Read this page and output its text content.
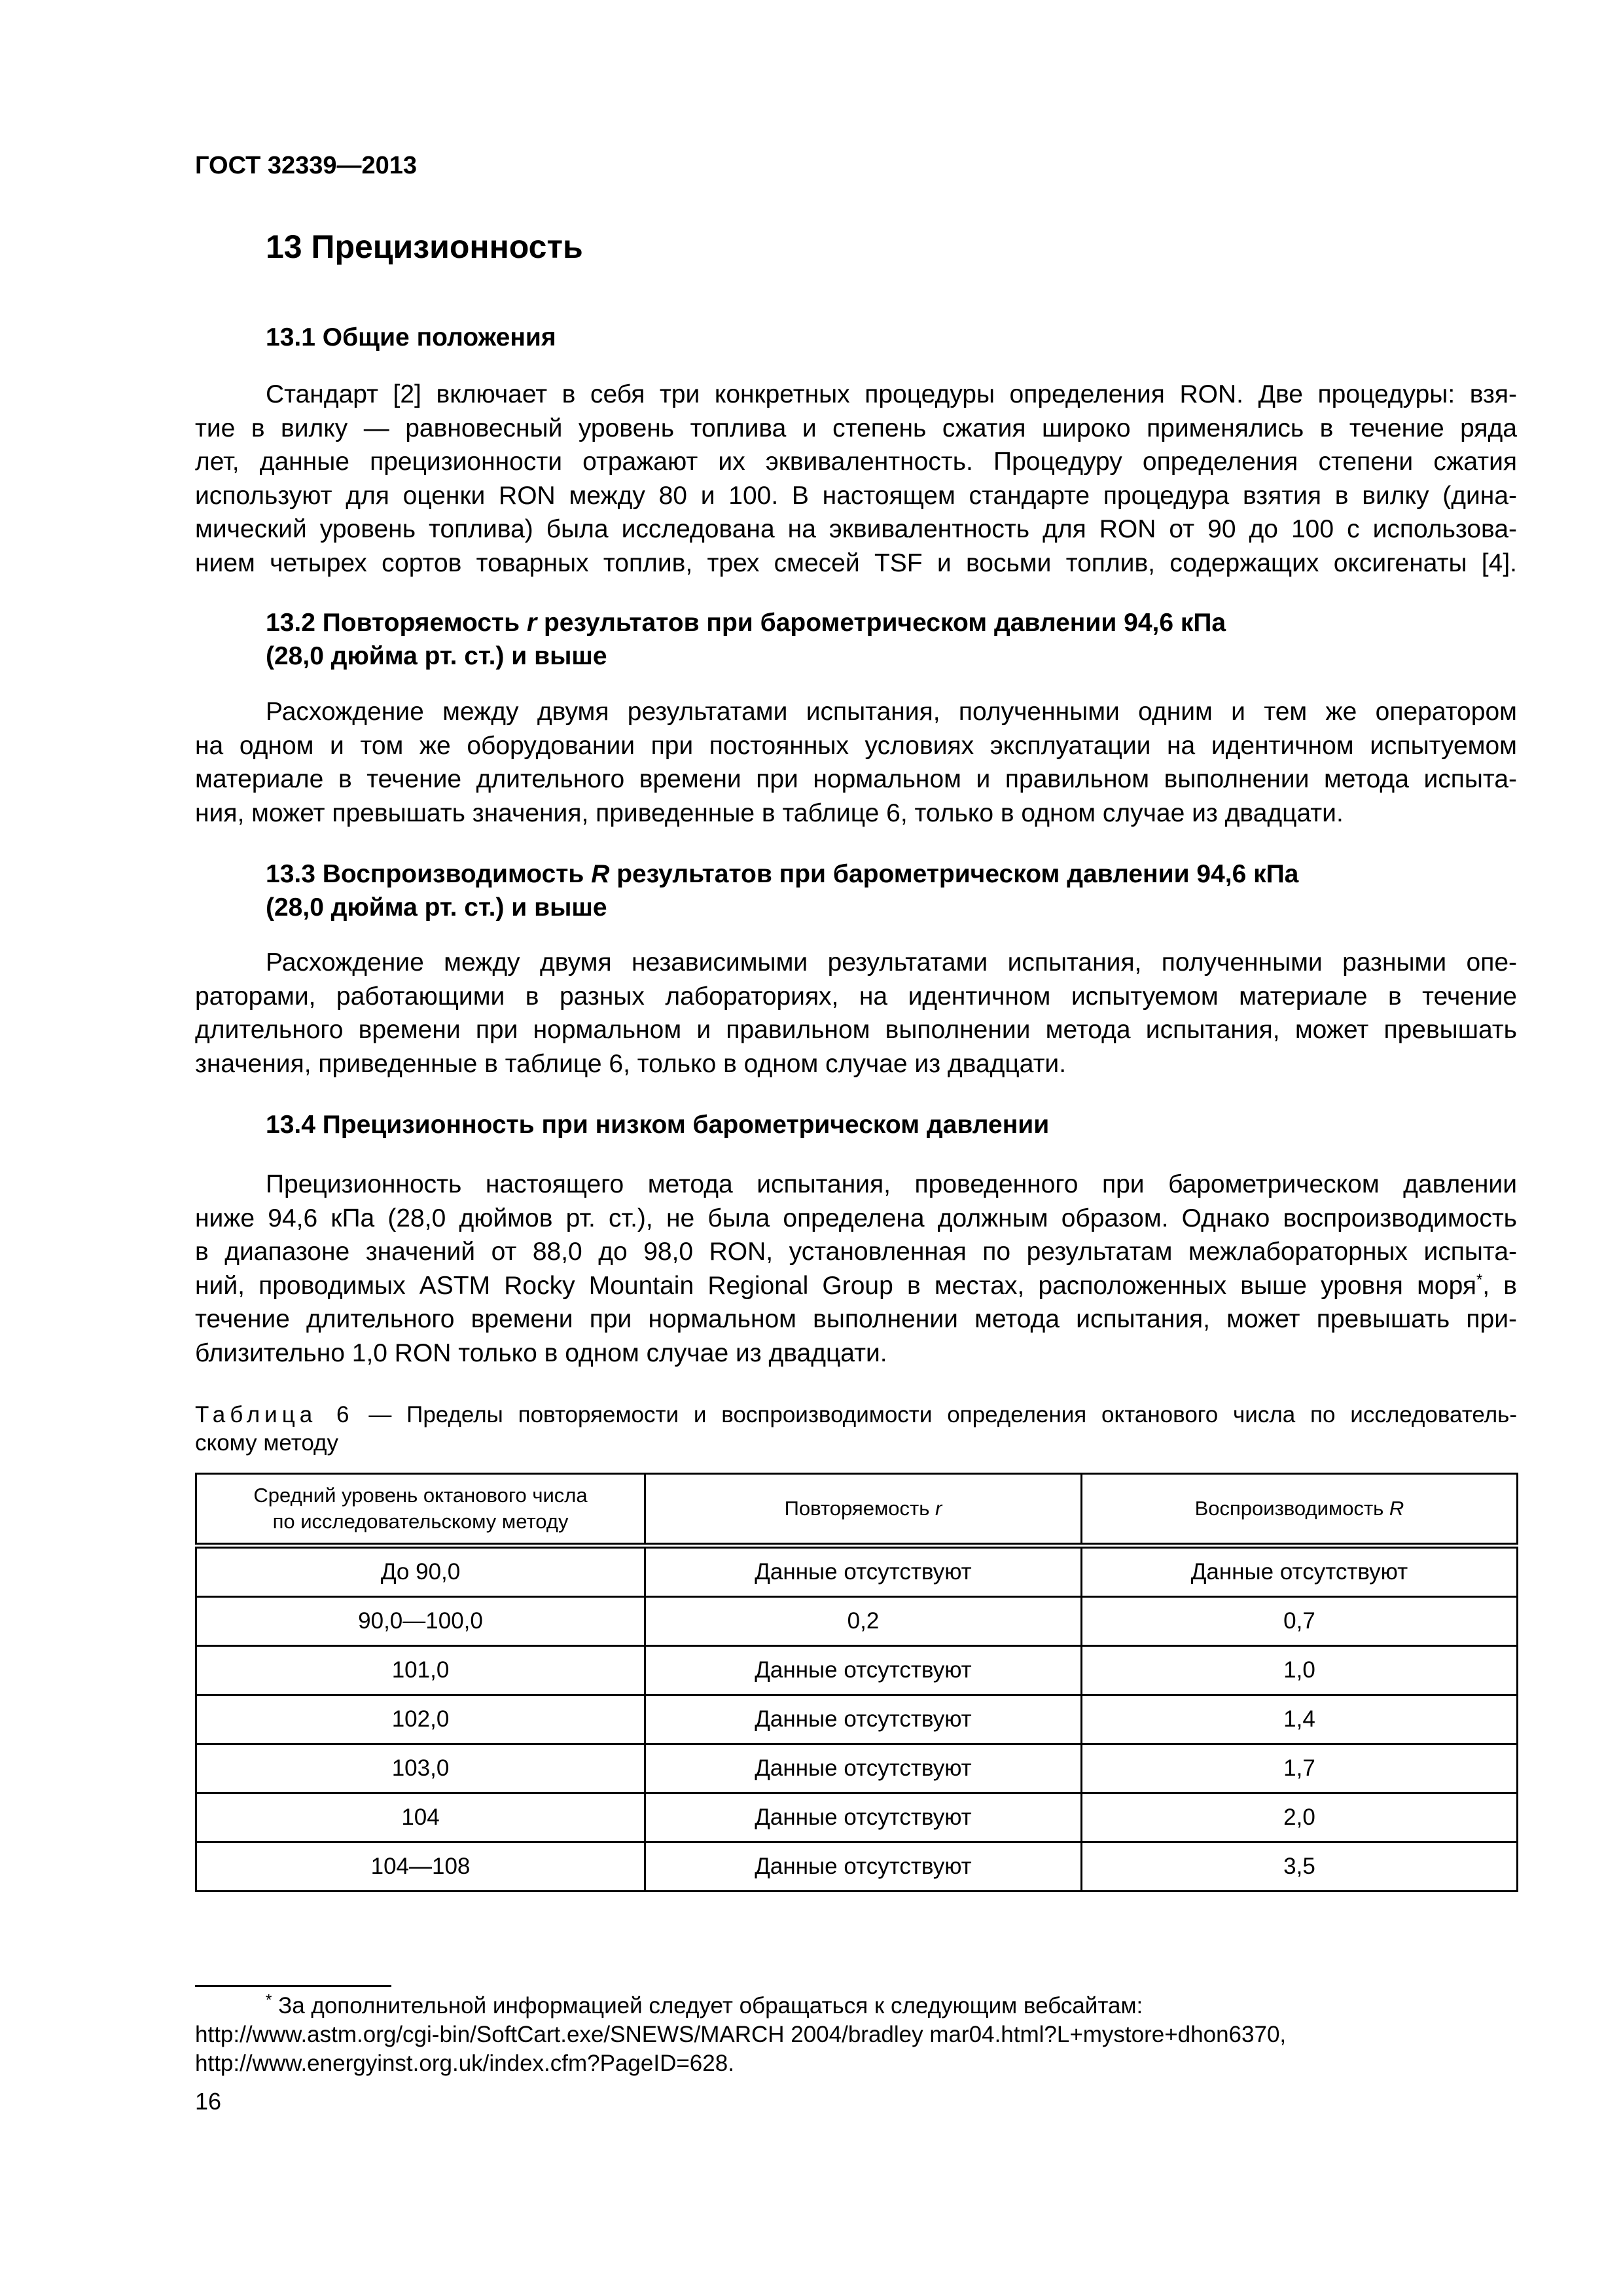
ГОСТ 32339—2013
13 Прецизионность
13.1 Общие положения
Стандарт [2] включает в себя три конкретных процедуры определения RON. Две процедуры: взя-
тие в вилку — равновесный уровень топлива и степень сжатия широко применялись в течение ряда
лет, данные прецизионности отражают их эквивалентность. Процедуру определения степени сжатия
используют для оценки RON между 80 и 100. В настоящем стандарте процедура взятия в вилку (дина-
мический уровень топлива) была исследована на эквивалентность для RON от 90 до 100 с использова-
нием четырех сортов товарных топлив, трех смесей TSF и восьми топлив, содержащих оксигенаты [4].
13.2 Повторяемость r результатов при барометрическом давлении 94,6 кПа
(28,0 дюйма рт. ст.) и выше
Расхождение между двумя результатами испытания, полученными одним и тем же оператором
на одном и том же оборудовании при постоянных условиях эксплуатации на идентичном испытуемом
материале в течение длительного времени при нормальном и правильном выполнении метода испыта-
ния, может превышать значения, приведенные в таблице 6, только в одном случае из двадцати.
13.3 Воспроизводимость R результатов при барометрическом давлении 94,6 кПа
(28,0 дюйма рт. ст.) и выше
Расхождение между двумя независимыми результатами испытания, полученными разными опе-
раторами, работающими в разных лабораториях, на идентичном испытуемом материале в течение
длительного времени при нормальном и правильном выполнении метода испытания, может превышать
значения, приведенные в таблице 6, только в одном случае из двадцати.
13.4 Прецизионность при низком барометрическом давлении
Прецизионность настоящего метода испытания, проведенного при барометрическом давлении
ниже 94,6 кПа (28,0 дюймов рт. ст.), не была определена должным образом. Однако воспроизводимость
в диапазоне значений от 88,0 до 98,0 RON, установленная по результатам межлабораторных испыта-
ний, проводимых ASTM Rocky Mountain Regional Group в местах, расположенных выше уровня моря*, в
течение длительного времени при нормальном выполнении метода испытания, может превышать при-
близительно 1,0 RON только в одном случае из двадцати.
Таблица 6 — Пределы повторяемости и воспроизводимости определения октанового числа по исследователь-
скому методу
Средний уровень октанового числа
по исследовательскому методу	Повторяемость r	Воспроизводимость R
До 90,0	Данные отсутствуют	Данные отсутствуют
90,0—100,0	0,2	0,7
101,0	Данные отсутствуют	1,0
102,0	Данные отсутствуют	1,4
103,0	Данные отсутствуют	1,7
104	Данные отсутствуют	2,0
104—108	Данные отсутствуют	3,5
* За дополнительной информацией следует обращаться к следующим вебсайтам:
http://www.astm.org/cgi-bin/SoftCart.exe/SNEWS/MARCH 2004/bradley mar04.html?L+mystore+dhon6370,
http://www.energyinst.org.uk/index.cfm?PageID=628.
16
